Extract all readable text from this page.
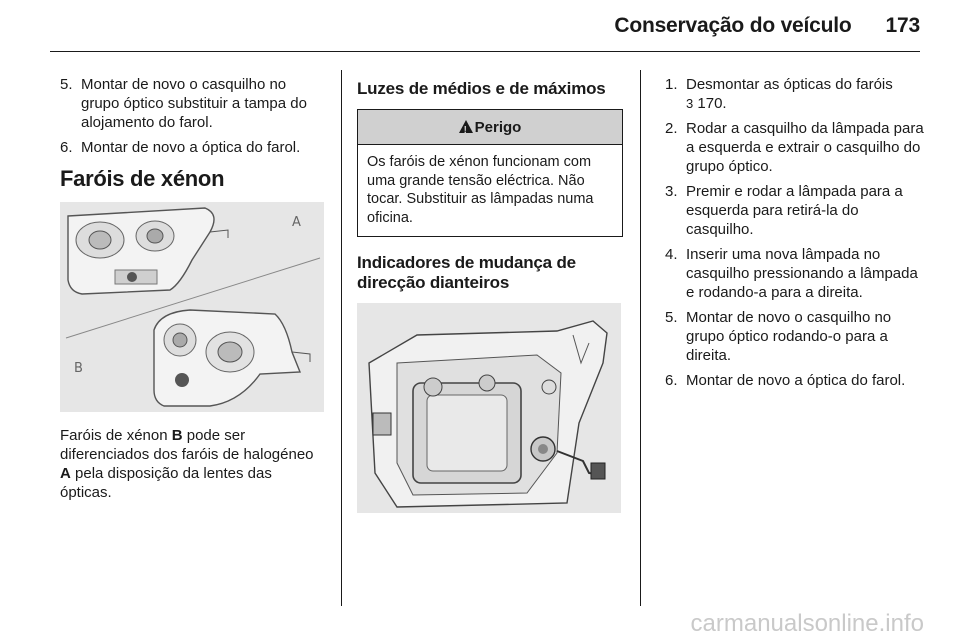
Conservação do veículo 173
5. Montar de novo o casquilho no grupo óptico substituir a tampa do alojamento do farol.
6. Montar de novo a óptica do farol.
Faróis de xénon
A
B
Faróis de xénon B pode ser diferenciados dos faróis de halogéneo A pela disposição da lentes das ópticas.
Luzes de médios e de máximos
!Perigo
Os faróis de xénon funcionam com uma grande tensão eléctrica. Não tocar. Substituir as lâmpadas numa oficina.
Indicadores de mudança de direcção dianteiros
1. Desmontar as ópticas do faróis
3 170.
2. Rodar a casquilho da lâmpada para a esquerda e extrair o casquilho do grupo óptico.
3. Premir e rodar a lâmpada para a esquerda para retirá-la do casquilho.
4. Inserir uma nova lâmpada no casquilho pressionando a lâmpada e rodando-a para a direita.
5. Montar de novo o casquilho no grupo óptico rodando-o para a direita.
6. Montar de novo a óptica do farol.
carmanualsonline.info
